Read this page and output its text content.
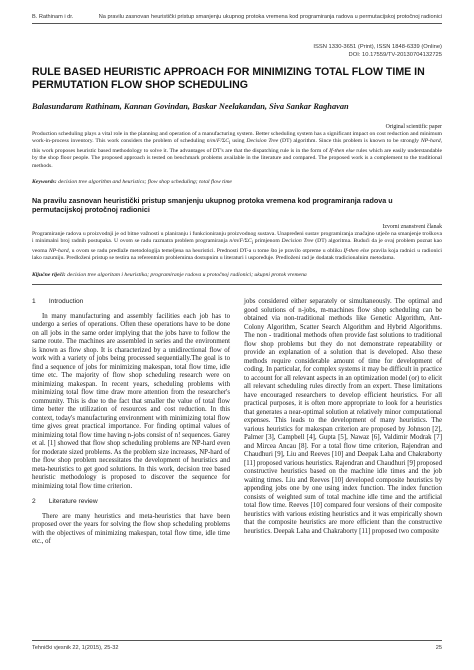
B. Rathinam i dr.	Na pravilu zasnovan heuristički pristup smanjenju ukupnog protoka vremena kod programiranja radova u permutacijskoj protočnoj radionici
ISSN 1330-3651 (Print), ISSN 1848-6339 (Online)
DOI: 10.17559/TV-20130704132725
RULE BASED HEURISTIC APPROACH FOR MINIMIZING TOTAL FLOW TIME IN PERMUTATION FLOW SHOP SCHEDULING
Balasundaram Rathinam, Kannan Govindan, Baskar Neelakandan, Siva Sankar Raghavan
Original scientific paper

Production scheduling plays a vital role in the planning and operation of a manufacturing system. Better scheduling system has a significant impact on cost reduction and minimum work-in-process inventory. This work considers the problem of scheduling $n/m/F/\Sigma C_i$ using Decision Tree (DT) algorithm. Since this problem is known to be strongly NP-hard, this work proposes heuristic based methodology to solve it. The advantages of DT's are that the dispatching rule is in the form of If-then else rules which are easily understandable by the shop floor people. The proposed approach is tested on benchmark problems available in the literature and compared. The proposed work is a complement to the traditional methods.

Keywords: decision tree algorithm and heuristics; flow shop scheduling; total flow time
Na pravilu zasnovan heuristički pristup smanjenju ukupnog protoka vremena kod programiranja radova u permutacijskoj protočnoj radionici
Izvorni znanstveni članak

Programiranje radova u proizvodnji je od bitne važnosti u planiranju i funkcioniranju proizvodnog sustava. Unapređeni sustav programiranja značajno utječe na smanjenje troškova i minimalni broj radnih postupaka. U ovom se radu razmatra problem programiranja $n/m/F/\Sigma C_i$ primjenom Decision Tree (DT) algoritma. Budući da je ovaj problem poznat kao veoma NP-hard, u ovom se radu predlaže metodologija temeljena na heuristici. Prednosti DT-a u tome što je pravilo otpreme u obliku If-then else pravila koja radnici u radionici lako razumiju. Predloženi pristup se testira na referentnim problemima dostupnim u literaturi i uspoređuje. Predloženi rad je dodatak tradicionalnim metodama.

Ključne riječi: decision tree algoritam i heuristika; programiranje radova u protočnoj radionici; ukupni protok vremena
1  Introduction

In many manufacturing and assembly facilities each job has to undergo a series of operations. Often these operations have to be done on all jobs in the same order implying that the jobs have to follow the same route. The machines are assembled in series and the environment is known as flow shop. It is characterized by a unidirectional flow of work with a variety of jobs being processed sequentially.The goal is to find a sequence of jobs for minimizing makespan, total flow time, idle time etc. The majority of flow shop scheduling research were on minimizing makespan. In recent years, scheduling problems with minimizing total flow time draw more attention from the researcher's community. This is due to the fact that smaller the value of total flow time better the utilization of resources and cost reduction. In this context, today's manufacturing environment with minimizing total flow time gives great practical importance. For finding optimal values of minimizing total flow time having n-jobs consist of n! sequences. Garey et al. [1] showed that flow shop scheduling problems are NP-hard even for moderate sized problems. As the problem size increases, NP-hard of the flow shop problem necessitates the development of heuristics and meta-heuristics to get good solutions. In this work, decision tree based heuristic methodology is proposed to discover the sequence for minimizing total flow time criterion.

2  Literature review

There are many heuristics and meta-heuristics that have been proposed over the years for solving the flow shop scheduling problems with the objectives of minimizing makespan, total flow time, idle time etc., of

jobs considered either separately or simultaneously. The optimal and good solutions of n-jobs, m-machines flow shop scheduling can be obtained via non-traditional methods like Genetic Algorithm, Ant-Colony Algorithm, Scatter Search Algorithm and Hybrid Algorithms. The non - traditional methods often provide fast solutions to traditional flow shop problems but they do not demonstrate repeatability or provide an explanation of a solution that is developed. Also these methods require considerable amount of time for development of coding. In particular, for complex systems it may be difficult in practice to account for all relevant aspects in an optimization model (or) to elicit all relevant scheduling rules directly from an expert. These limitations have encouraged researchers to develop efficient heuristics. For all practical purposes, it is often more appropriate to look for a heuristics that generates a near-optimal solution at relatively minor computational expenses. This leads to the development of many heuristics. The various heuristics for makespan criterion are proposed by Johnson [2], Palmer [3], Campbell [4], Gupta [5], Nawaz [6], Valdimir Modrak [7] and Mircea Ancau [8]. For a total flow time criterion, Rajendran and Chaudhuri [9], Liu and Reeves [10] and Deepak Laha and Chakraborty [11] proposed various heuristics. Rajendran and Chaudhuri [9] proposed constructive heuristics based on the machine idle times and the job waiting times. Liu and Reeves [10] developed composite heuristics by appending jobs one by one using index function. The index function consists of weighted sum of total machine idle time and the artificial total flow time. Reeves [10] compared four versions of their composite heuristics with various existing heuristics and it was empirically shown that the composite heuristics are more efficient than the constructive heuristics. Deepak Laha and Chakraborty [11] proposed two composite

Tehnički vjesnik 22, 1(2015), 25-32	25
